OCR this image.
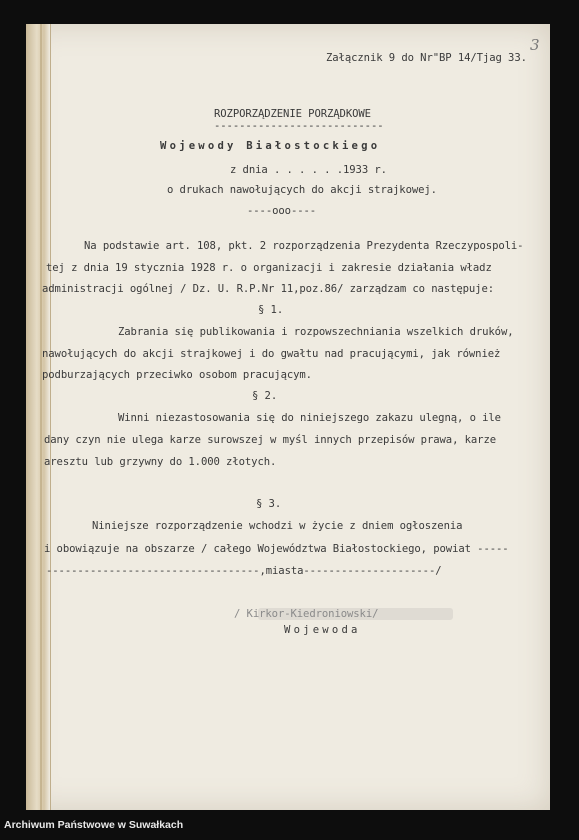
Załącznik 9 do Nr"BP 14/Tjag 33.
3
ROZPORZĄDZENIE PORZĄDKOWE
---------------------------
Wojewody Białostockiego
z dnia . . . . . .1933 r.
o drukach nawołujących do akcji strajkowej.
----ooo----
Na podstawie art. 108, pkt. 2 rozporządzenia Prezydenta Rzeczypospoli-
tej z dnia 19 stycznia 1928 r. o organizacji i zakresie działania władz
administracji ogólnej / Dz. U. R.P.Nr 11,poz.86/ zarządzam co następuje:
§ 1.
Zabrania się publikowania i rozpowszechniania wszelkich druków,
nawołujących do akcji strajkowej i do gwałtu nad pracującymi, jak również
podburzających przeciwko osobom pracującym.
§ 2.
Winni niezastosowania się do niniejszego zakazu ulegną, o ile
dany czyn nie ulega karze surowszej w myśl innych przepisów prawa, karze
aresztu lub grzywny do 1.000 złotych.
§ 3.
Niniejsze rozporządzenie wchodzi w życie z dniem ogłoszenia
i obowiązuje na obszarze / całego Województwa Białostockiego, powiat -----
----------------------------------,miasta---------------------/
/ Kirkor-Kiedroniowski/
Wojewoda
Archiwum Państwowe w Suwałkach
